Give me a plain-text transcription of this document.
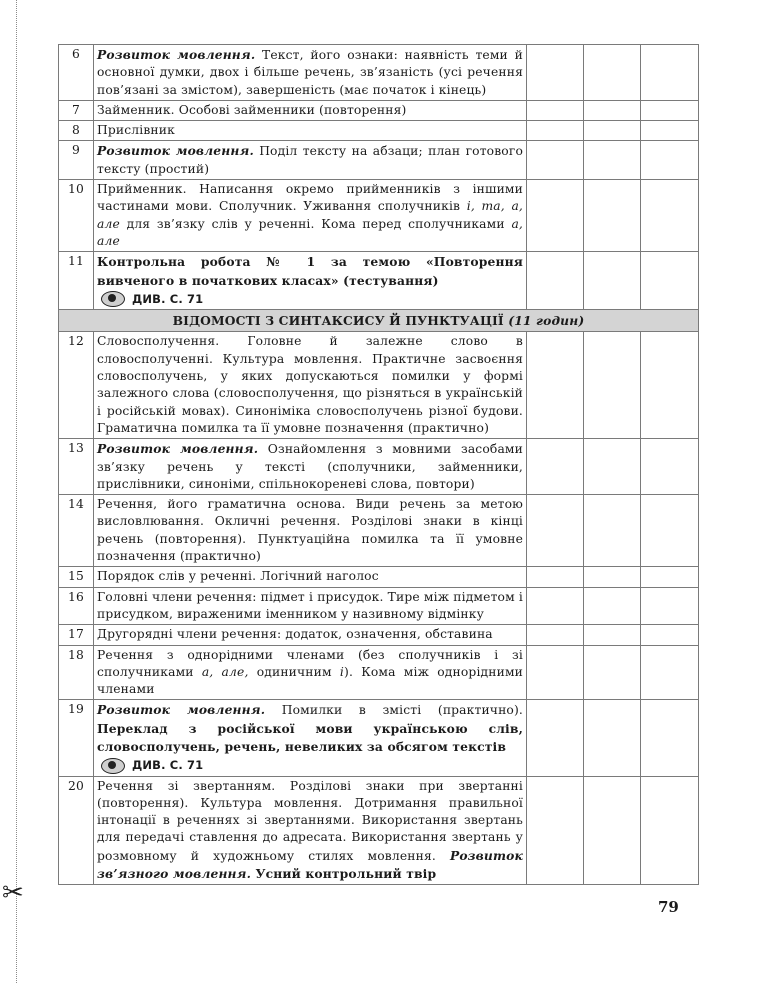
✂
6	Розвиток мовлення. Текст, його ознаки: наявність теми й основної думки, двох і більше речень, зв’язаність (усі речення пов’язані за змістом), завершеність (має початок і кінець)			
7	Займенник. Особові займенники (повторення)			
8	Прислівник			
9	Розвиток мовлення. Поділ тексту на абзаци; план готового тексту (простий)			
10	Прийменник. Написання окремо прийменників з іншими частинами мови. Сполучник. Уживання сполучників і, та, а, але для зв’язку слів у реченні. Кома перед сполучниками а, але			
11	Контрольна робота № 1 за темою «Повторення вивченого в початкових класах» (тестування)
ДИВ. С. 71			

ВІДОМОСТІ З СИНТАКСИСУ Й ПУНКТУАЦІЇ (11 годин)				
12	Словосполучення. Головне й залежне слово в словосполученні. Культура мовлення. Практичне засвоєння словосполучень, у яких допускаються помилки у формі залежного слова (словосполучення, що різняться в українській і російській мовах). Синоніміка словосполучень різної будови. Граматична помилка та її умовне позначення (практично)			
13	Розвиток мовлення. Ознайомлення з мовними засобами зв’язку речень у тексті (сполучники, займенники, прислівники, синоніми, спільнокореневі слова, повтори)			
14	Речення, його граматична основа. Види речень за метою висловлювання. Окличні речення. Розділові знаки в кінці речень (повторення). Пунктуаційна помилка та її умовне позначення (практично)			
15	Порядок слів у реченні. Логічний наголос			
16	Головні члени речення: підмет і присудок. Тире між підметом і присудком, вираженими іменником у називному відмінку			
17	Другорядні члени речення: додаток, означення, обставина			
18	Речення з однорідними членами (без сполучників і зі сполучниками а, але, одиничним і). Кома між однорідними членами			
19	Розвиток мовлення. Помилки в змісті (практично). Переклад з російської мови українською слів, словосполучень, речень, невеликих за обсягом текстів
ДИВ. С. 71			

20	Речення зі звертанням. Розділові знаки при звертанні (повторення). Культура мовлення. Дотримання правильної інтонації в реченнях зі звертаннями. Використання звертань для передачі ставлення до адресата. Використання звертань у розмовному й художньому стилях мовлення. Розвиток зв’язного мовлення. Усний контрольний твір			
79
